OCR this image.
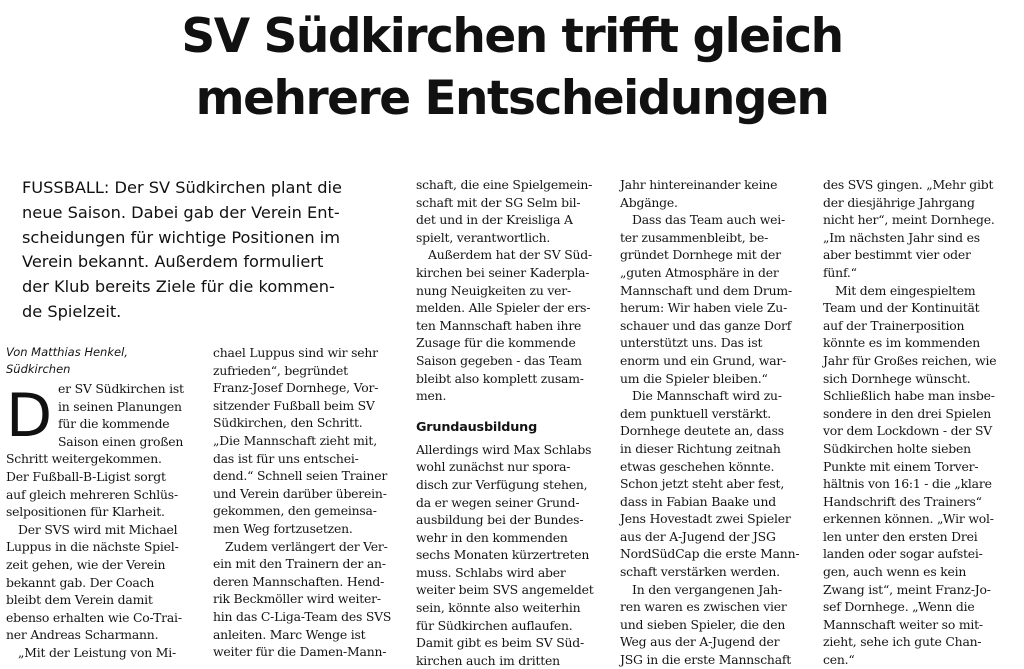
SV Südkirchen trifft gleich
mehrere Entscheidungen
FUSSBALL: Der SV Südkirchen plant die
neue Saison. Dabei gab der Verein Ent-
scheidungen für wichtige Positionen im
Verein bekannt. Außerdem formuliert
der Klub bereits Ziele für die kommen-
de Spielzeit.
Von Matthias Henkel,
Südkirchen
D er SV Südkirchen ist
in seinen Planungen
für die kommende
Saison einen großen
Schritt weitergekommen.
Der Fußball-B-Ligist sorgt
auf gleich mehreren Schlüs-
selpositionen für Klarheit.
Der SVS wird mit Michael
Luppus in die nächste Spiel-
zeit gehen, wie der Verein
bekannt gab. Der Coach
bleibt dem Verein damit
ebenso erhalten wie Co-Trai-
ner Andreas Scharmann.
„Mit der Leistung von Mi-
chael Luppus sind wir sehr
zufrieden“, begründet
Franz-Josef Dornhege, Vor-
sitzender Fußball beim SV
Südkirchen, den Schritt.
„Die Mannschaft zieht mit,
das ist für uns entschei-
dend.“ Schnell seien Trainer
und Verein darüber überein-
gekommen, den gemeinsa-
men Weg fortzusetzen.
Zudem verlängert der Ver-
ein mit den Trainern der an-
deren Mannschaften. Hend-
rik Beckmöller wird weiter-
hin das C-Liga-Team des SVS
anleiten. Marc Wenge ist
weiter für die Damen-Mann-
schaft, die eine Spielgemein-
schaft mit der SG Selm bil-
det und in der Kreisliga A
spielt, verantwortlich.
Außerdem hat der SV Süd-
kirchen bei seiner Kaderpla-
nung Neuigkeiten zu ver-
melden. Alle Spieler der ers-
ten Mannschaft haben ihre
Zusage für die kommende
Saison gegeben - das Team
bleibt also komplett zusam-
men.
Grundausbildung
Allerdings wird Max Schlabs
wohl zunächst nur spora-
disch zur Verfügung stehen,
da er wegen seiner Grund-
ausbildung bei der Bundes-
wehr in den kommenden
sechs Monaten kürzertreten
muss. Schlabs wird aber
weiter beim SVS angemeldet
sein, könnte also weiterhin
für Südkirchen auflaufen.
Damit gibt es beim SV Süd-
kirchen auch im dritten
Jahr hintereinander keine
Abgänge.
Dass das Team auch wei-
ter zusammenbleibt, be-
gründet Dornhege mit der
„guten Atmosphäre in der
Mannschaft und dem Drum-
herum: Wir haben viele Zu-
schauer und das ganze Dorf
unterstützt uns. Das ist
enorm und ein Grund, war-
um die Spieler bleiben.“
Die Mannschaft wird zu-
dem punktuell verstärkt.
Dornhege deutete an, dass
in dieser Richtung zeitnah
etwas geschehen könnte.
Schon jetzt steht aber fest,
dass in Fabian Baake und
Jens Hovestadt zwei Spieler
aus der A-Jugend der JSG
NordSüdCap die erste Mann-
schaft verstärken werden.
In den vergangenen Jah-
ren waren es zwischen vier
und sieben Spieler, die den
Weg aus der A-Jugend der
JSG in die erste Mannschaft
des SVS gingen. „Mehr gibt
der diesjährige Jahrgang
nicht her“, meint Dornhege.
„Im nächsten Jahr sind es
aber bestimmt vier oder
fünf.“
Mit dem eingespieltem
Team und der Kontinuität
auf der Trainerposition
könnte es im kommenden
Jahr für Großes reichen, wie
sich Dornhege wünscht.
Schließlich habe man insbe-
sondere in den drei Spielen
vor dem Lockdown - der SV
Südkirchen holte sieben
Punkte mit einem Torver-
hältnis von 16:1 - die „klare
Handschrift des Trainers“
erkennen können. „Wir wol-
len unter den ersten Drei
landen oder sogar aufstei-
gen, auch wenn es kein
Zwang ist“, meint Franz-Jo-
sef Dornhege. „Wenn die
Mannschaft weiter so mit-
zieht, sehe ich gute Chan-
cen.“
